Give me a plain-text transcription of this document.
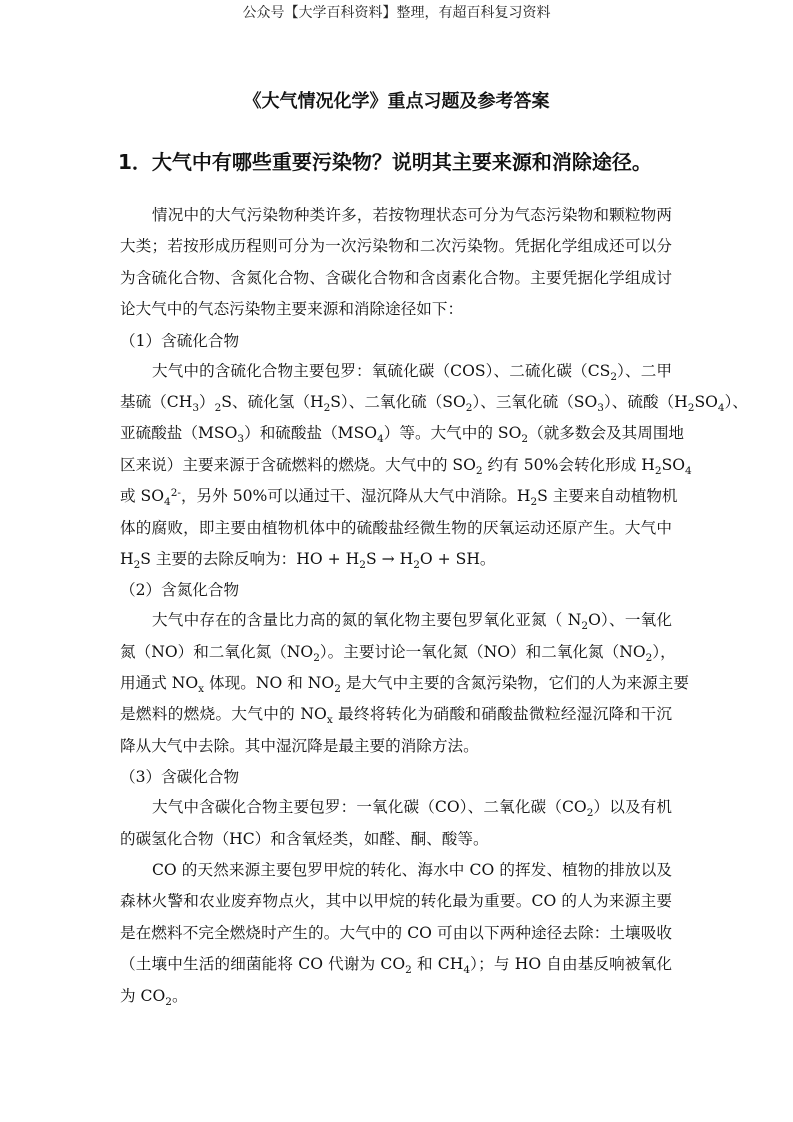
公众号【大学百科资料】整理，有超百科复习资料
《大气情况化学》重点习题及参考答案
1．大气中有哪些重要污染物？说明其主要来源和消除途径。
情况中的大气污染物种类许多，若按物理状态可分为气态污染物和颗粒物两
大类；若按形成历程则可分为一次污染物和二次污染物。凭据化学组成还可以分
为含硫化合物、含氮化合物、含碳化合物和含卤素化合物。主要凭据化学组成讨
论大气中的气态污染物主要来源和消除途径如下：
（1）含硫化合物
大气中的含硫化合物主要包罗：氧硫化碳（COS）、二硫化碳$(CS_2)$、二甲
基硫$(CH_3)_2S$、硫化氢$(H_2S)$、二氧化硫$(SO_2)$、三氧化硫$(SO_3)$、硫酸$(H_2SO_4)$、
亚硫酸盐$(MSO_3)$和硫酸盐$(MSO_4)$等。大气中的 $SO_2$（就多数会及其周围地
区来说）主要来源于含硫燃料的燃烧。大气中的 $SO_2$ 约有 50%会转化形成 $H_2SO_4$
或 $SO_4^{2-}$，另外 50%可以通过干、湿沉降从大气中消除。$H_2S$ 主要来自动植物机
体的腐败，即主要由植物机体中的硫酸盐经微生物的厌氧运动还原产生。大气中
$H_2S$ 主要的去除反响为：HO + $H_2S \to H_2O$ + SH。
（2）含氮化合物
大气中存在的含量比力高的氮的氧化物主要包罗氧化亚氮（ $N_2O$）、一氧化
氮（NO）和二氧化氮$(NO_2)$。主要讨论一氧化氮（NO）和二氧化氮$(NO_2)$，
用通式 $NO_x$ 体现。NO 和 $NO_2$ 是大气中主要的含氮污染物，它们的人为来源主要
是燃料的燃烧。大气中的 $NO_x$ 最终将转化为硝酸和硝酸盐微粒经湿沉降和干沉
降从大气中去除。其中湿沉降是最主要的消除方法。
（3）含碳化合物
大气中含碳化合物主要包罗：一氧化碳（CO）、二氧化碳$(CO_2)$以及有机
的碳氢化合物（HC）和含氧烃类，如醛、酮、酸等。
CO 的天然来源主要包罗甲烷的转化、海水中 CO 的挥发、植物的排放以及
森林火警和农业废弃物点火，其中以甲烷的转化最为重要。CO 的人为来源主要
是在燃料不完全燃烧时产生的。大气中的 CO 可由以下两种途径去除：土壤吸收
（土壤中生活的细菌能将 CO 代谢为 $CO_2$ 和 $CH_4$）；与 HO 自由基反响被氧化
为 $CO_2$。
